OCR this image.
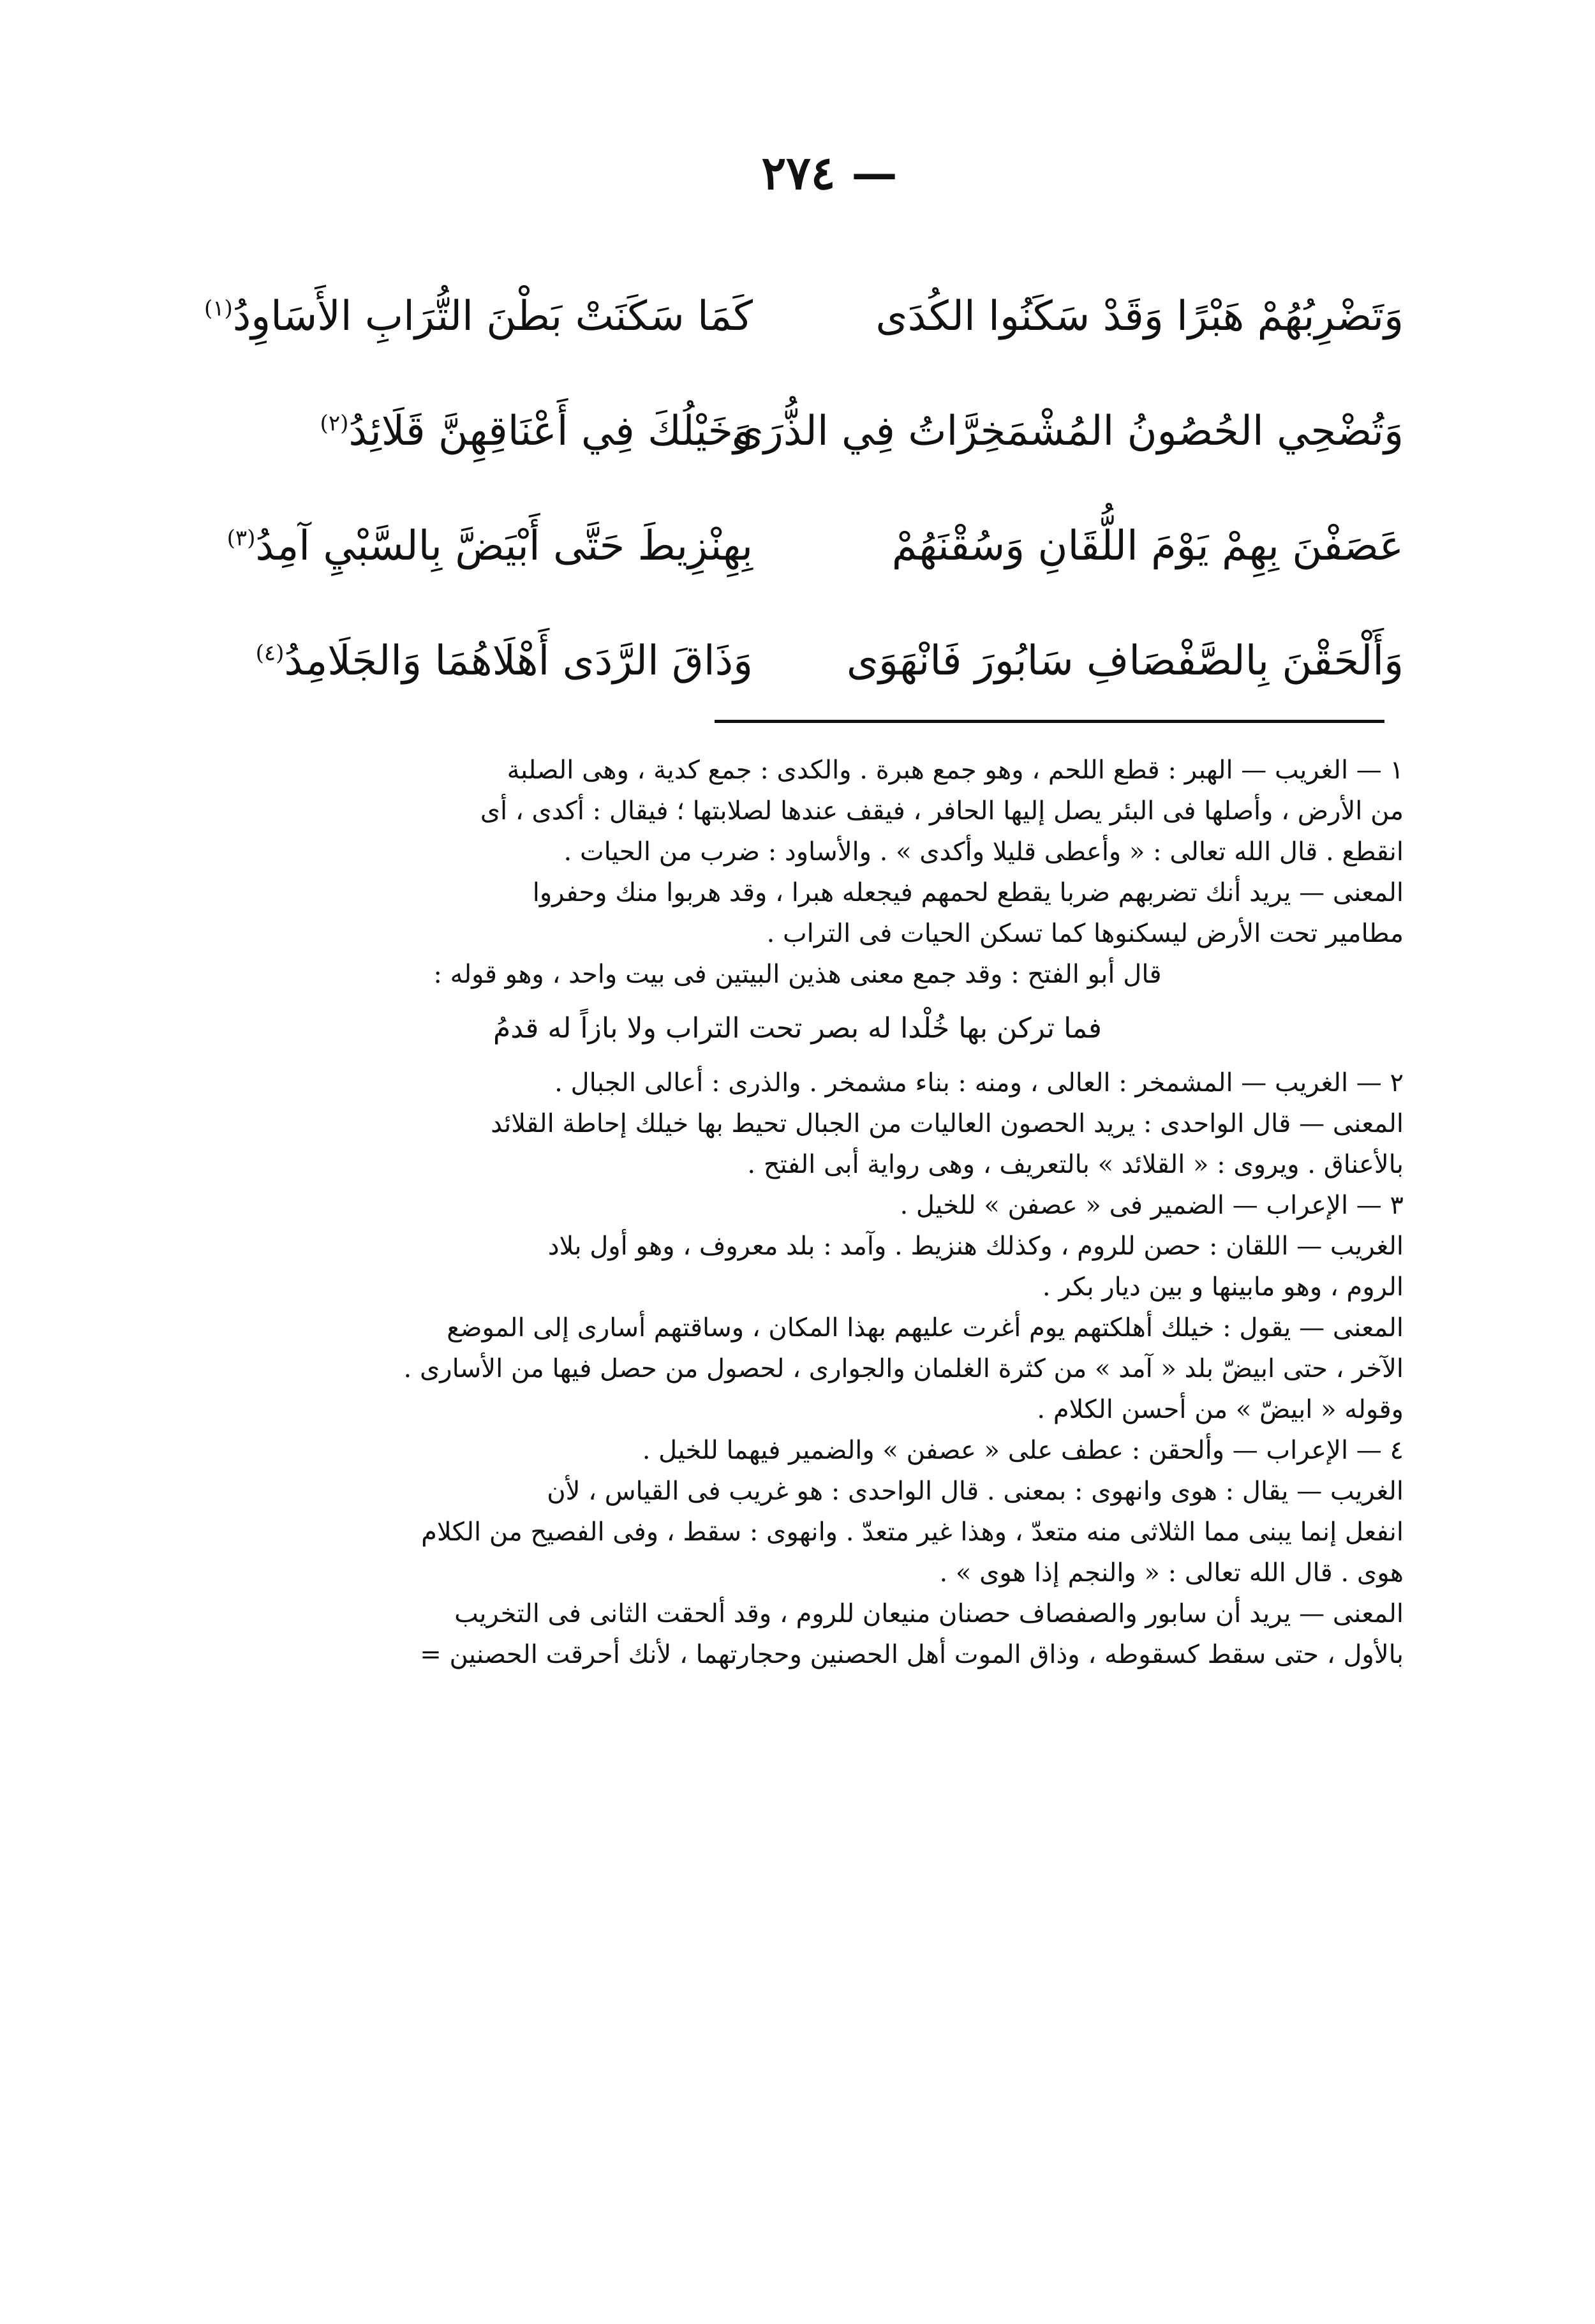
— ٢٧٤
وَتَضْرِبُهُمْ هَبْرًا وَقَدْ سَكَنُوا الكُدَى
كَمَا سَكَنَتْ بَطْنَ التُّرَابِ الأَسَاوِدُ$^{(١)}$
وَتُضْحِي الحُصُونُ المُشْمَخِرَّاتُ فِي الذُّرَى
وَخَيْلُكَ فِي أَعْنَاقِهِنَّ قَلَائِدُ$^{(٢)}$
عَصَفْنَ بِهِمْ يَوْمَ اللُّقَانِ وَسُقْنَهُمْ
بِهِنْزِيطَ حَتَّى أَبْيَضَّ بِالسَّبْيِ آمِدُ$^{(٣)}$
وَأَلْحَقْنَ بِالصَّفْصَافِ سَابُورَ فَانْهَوَى
وَذَاقَ الرَّدَى أَهْلَاهُمَا وَالجَلَامِدُ$^{(٤)}$

١ — الغريب — الهبر : قطع اللحم ، وهو جمع هبرة . والكدى : جمع كدية ، وهى الصلبة

من الأرض ، وأصلها فى البئر يصل إليها الحافر ، فيقف عندها لصلابتها ؛ فيقال : أكدى ، أى

انقطع . قال الله تعالى : « وأعطى قليلا وأكدى » . والأساود : ضرب من الحيات .

المعنى — يريد أنك تضربهم ضربا يقطع لحمهم فيجعله هبرا ، وقد هربوا منك وحفروا

مطامير تحت الأرض ليسكنوها كما تسكن الحيات فى التراب .

قال أبو الفتح : وقد جمع معنى هذين البيتين فى بيت واحد ، وهو قوله :

فما تركن بها خُلْدا له بصر تحت التراب ولا بازاً له قدمُ

٢ — الغريب — المشمخر : العالى ، ومنه : بناء مشمخر . والذرى : أعالى الجبال .

المعنى — قال الواحدى : يريد الحصون العاليات من الجبال تحيط بها خيلك إحاطة القلائد

بالأعناق . ويروى : « القلائد » بالتعريف ، وهى رواية أبى الفتح .

٣ — الإعراب — الضمير فى « عصفن » للخيل .

الغريب — اللقان : حصن للروم ، وكذلك هنزيط . وآمد : بلد معروف ، وهو أول بلاد

الروم ، وهو مابينها و بين ديار بكر .

المعنى — يقول : خيلك أهلكتهم يوم أغرت عليهم بهذا المكان ، وساقتهم أسارى إلى الموضع

الآخر ، حتى ابيضّ بلد « آمد » من كثرة الغلمان والجوارى ، لحصول من حصل فيها من الأسارى .

وقوله « ابيضّ » من أحسن الكلام .

٤ — الإعراب — وألحقن : عطف على « عصفن » والضمير فيهما للخيل .

الغريب — يقال : هوى وانهوى : بمعنى . قال الواحدى : هو غريب فى القياس ، لأن

انفعل إنما يبنى مما الثلاثى منه متعدّ ، وهذا غير متعدّ . وانهوى : سقط ، وفى الفصيح من الكلام

هوى . قال الله تعالى : « والنجم إذا هوى » .

المعنى — يريد أن سابور والصفصاف حصنان منيعان للروم ، وقد ألحقت الثانى فى التخريب

بالأول ، حتى سقط كسقوطه ، وذاق الموت أهل الحصنين وحجارتهما ، لأنك أحرقت الحصنين =
